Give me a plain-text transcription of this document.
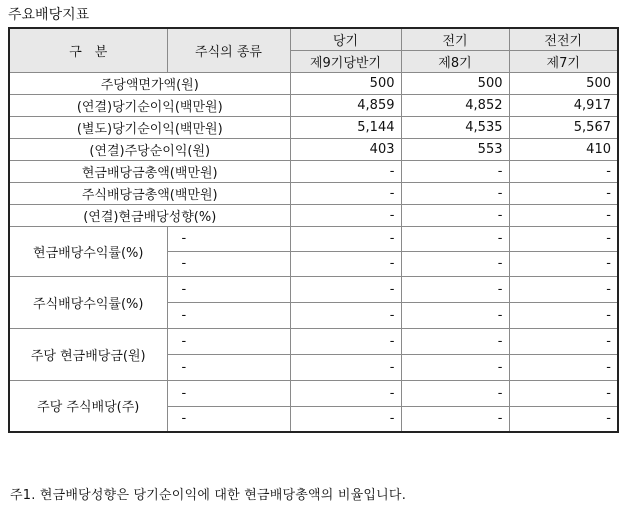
주요배당지표
구　분	주식의 종류	당기	전기	전전기
		제9기당반기	제8기	제7기
주당액면가액(원)		500	500	500
(연결)당기순이익(백만원)		4,859	4,852	4,917
(별도)당기순이익(백만원)		5,144	4,535	5,567
(연결)주당순이익(원)		403	553	410
현금배당금총액(백만원)		-	-	-
주식배당금총액(백만원)		-	-	-
(연결)현금배당성향(%)		-	-	-
현금배당수익률(%)	-	-	-	-
	-	-	-	-
주식배당수익률(%)	-	-	-	-
	-	-	-	-
주당 현금배당금(원)	-	-	-	-
	-	-	-	-
주당 주식배당(주)	-	-	-	-
	-	-	-	-
주1. 현금배당성향은 당기순이익에 대한 현금배당총액의 비율입니다.
